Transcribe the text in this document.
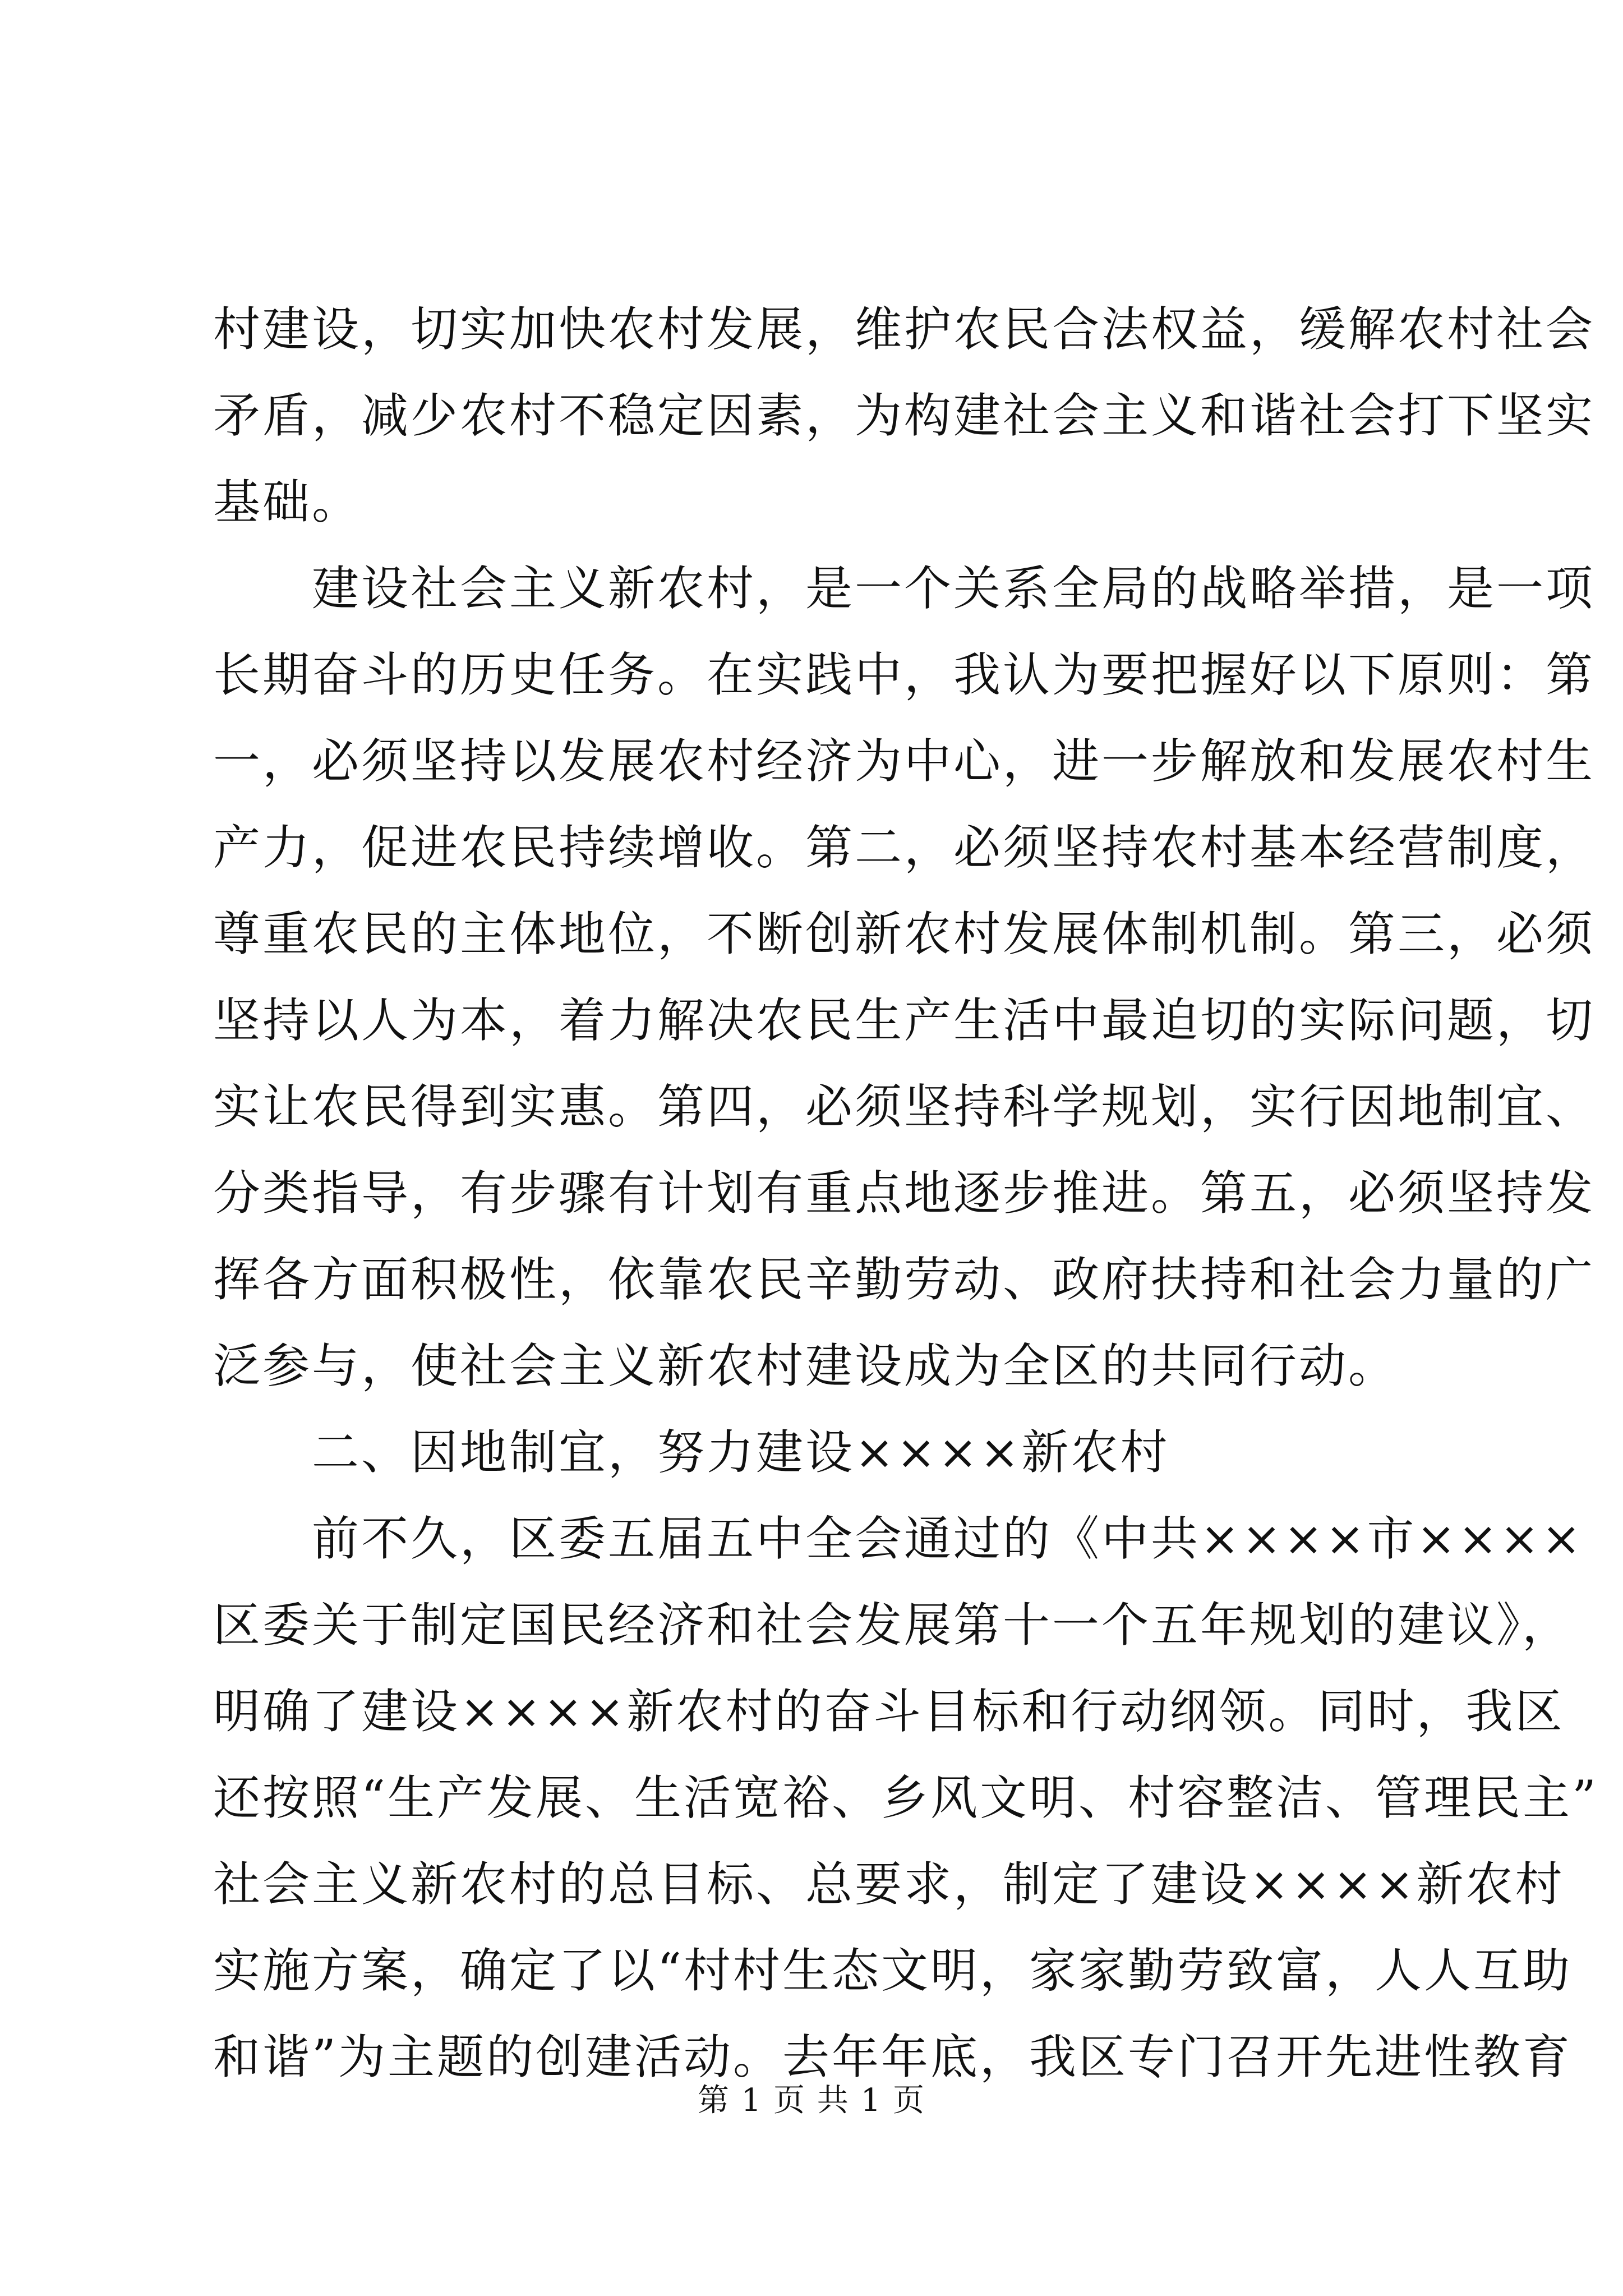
村建设，切实加快农村发展，维护农民合法权益，缓解农村社会
矛盾，减少农村不稳定因素，为构建社会主义和谐社会打下坚实
基础。
　　建设社会主义新农村，是一个关系全局的战略举措，是一项
长期奋斗的历史任务。在实践中，我认为要把握好以下原则：第
一，必须坚持以发展农村经济为中心，进一步解放和发展农村生
产力，促进农民持续增收。第二，必须坚持农村基本经营制度，
尊重农民的主体地位，不断创新农村发展体制机制。第三，必须
坚持以人为本，着力解决农民生产生活中最迫切的实际问题，切
实让农民得到实惠。第四，必须坚持科学规划，实行因地制宜、
分类指导，有步骤有计划有重点地逐步推进。第五，必须坚持发
挥各方面积极性，依靠农民辛勤劳动、政府扶持和社会力量的广
泛参与，使社会主义新农村建设成为全区的共同行动。
　　二、因地制宜，努力建设××××新农村
　　前不久，区委五届五中全会通过的《中共××××市××××
区委关于制定国民经济和社会发展第十一个五年规划的建议》，
明确了建设××××新农村的奋斗目标和行动纲领。同时，我区
还按照“生产发展、生活宽裕、乡风文明、村容整洁、管理民主”
社会主义新农村的总目标、总要求，制定了建设××××新农村
实施方案，确定了以“村村生态文明，家家勤劳致富，人人互助
和谐”为主题的创建活动。去年年底，我区专门召开先进性教育
第 1 页 共 1 页
